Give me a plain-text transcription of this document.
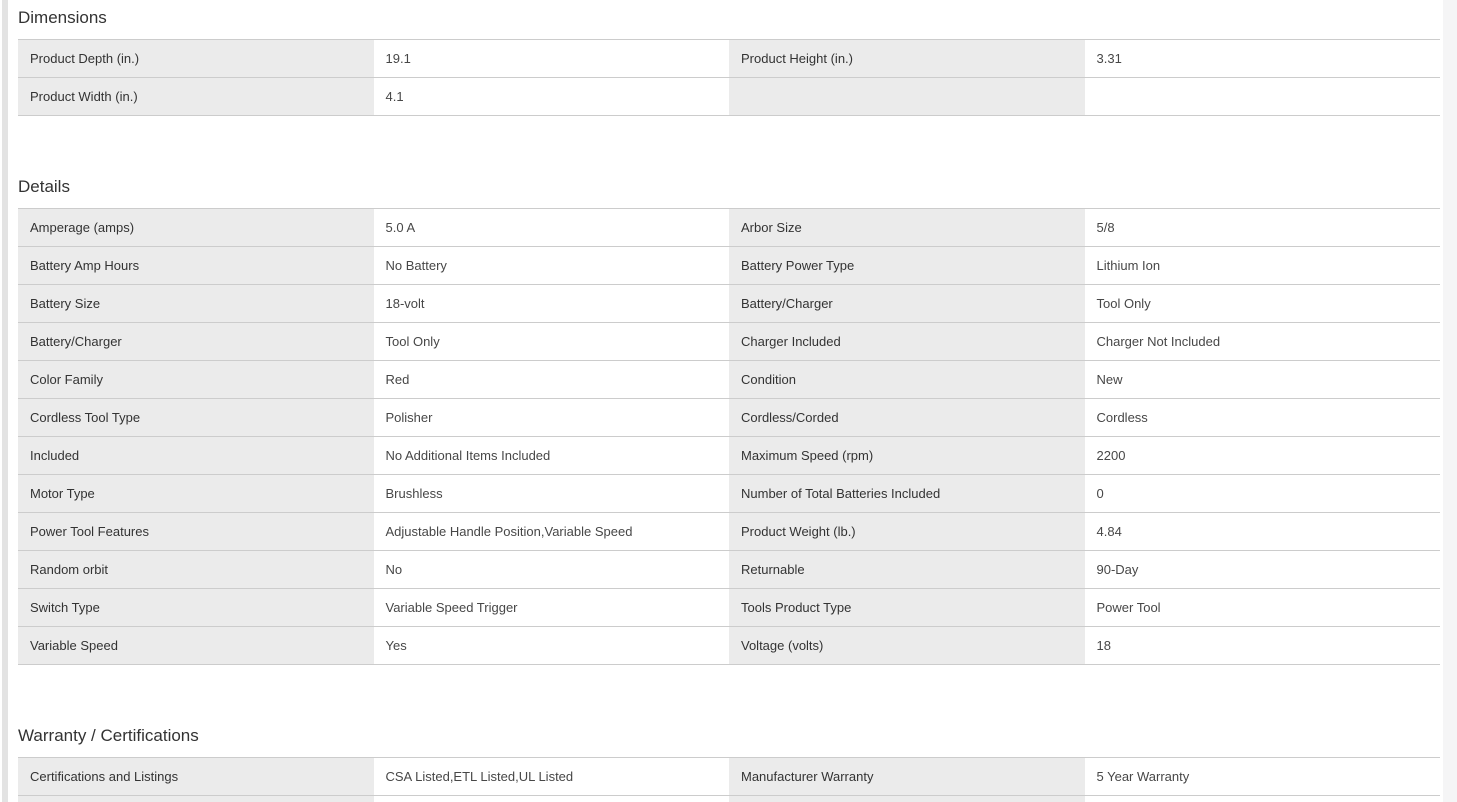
Dimensions
Product Depth (in.)	19.1	Product Height (in.)	3.31
Product Width (in.)	4.1
Details
Amperage (amps)	5.0 A	Arbor Size	5/8
Battery Amp Hours	No Battery	Battery Power Type	Lithium Ion
Battery Size	18-volt	Battery/Charger	Tool Only
Battery/Charger	Tool Only	Charger Included	Charger Not Included
Color Family	Red	Condition	New
Cordless Tool Type	Polisher	Cordless/Corded	Cordless
Included	No Additional Items Included	Maximum Speed (rpm)	2200
Motor Type	Brushless	Number of Total Batteries Included	0
Power Tool Features	Adjustable Handle Position,Variable Speed	Product Weight (lb.)	4.84
Random orbit	No	Returnable	90-Day
Switch Type	Variable Speed Trigger	Tools Product Type	Power Tool
Variable Speed	Yes	Voltage (volts)	18
Warranty / Certifications
Certifications and Listings	CSA Listed,ETL Listed,UL Listed	Manufacturer Warranty	5 Year Warranty
